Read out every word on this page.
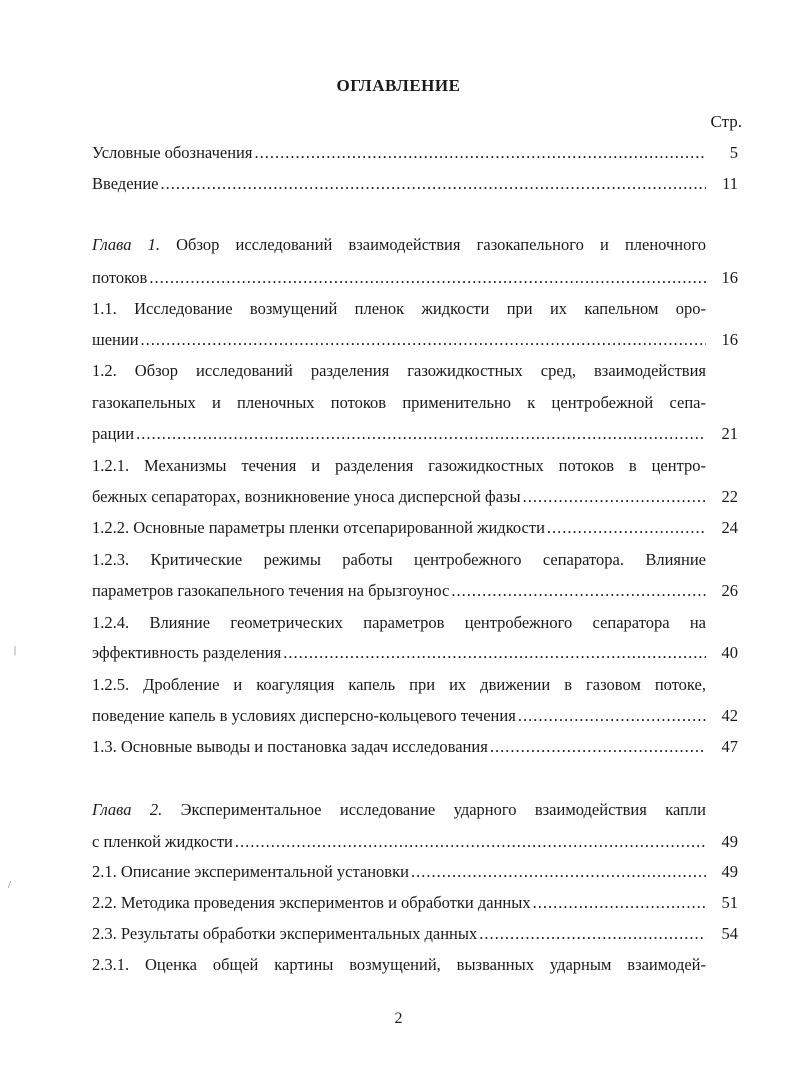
ОГЛАВЛЕНИЕ
Стр.
Условные обозначения .....	5
Введение .....	11
Глава 1. Обзор исследований взаимодействия газокапельного и пленочного
потоков .....	16
1.1. Исследование возмущений пленок жидкости при их капельном оро-
шении .....	16
1.2. Обзор исследований разделения газожидкостных сред, взаимодействия
газокапельных и пленочных потоков применительно к центробежной сепа-
рации .....	21
1.2.1. Механизмы течения и разделения газожидкостных потоков в центро-
бежных сепараторах, возникновение уноса дисперсной фазы .....	22
1.2.2. Основные параметры пленки отсепарированной жидкости .....	24
1.2.3. Критические режимы работы центробежного сепаратора. Влияние
параметров газокапельного течения на брызгоунос .....	26
1.2.4. Влияние геометрических параметров центробежного сепаратора на
эффективность разделения .....	40
1.2.5. Дробление и коагуляция капель при их движении в газовом потоке,
поведение капель в условиях дисперсно-кольцевого течения .....	42
1.3. Основные выводы и постановка задач исследования .....	47
Глава 2. Экспериментальное исследование ударного взаимодействия капли
с пленкой жидкости .....	49
2.1. Описание экспериментальной установки .....	49
2.2. Методика проведения экспериментов и обработки данных .....	51
2.3. Результаты обработки экспериментальных данных .....	54
2.3.1. Оценка общей картины возмущений, вызванных ударным взаимодей-
2
|
/
